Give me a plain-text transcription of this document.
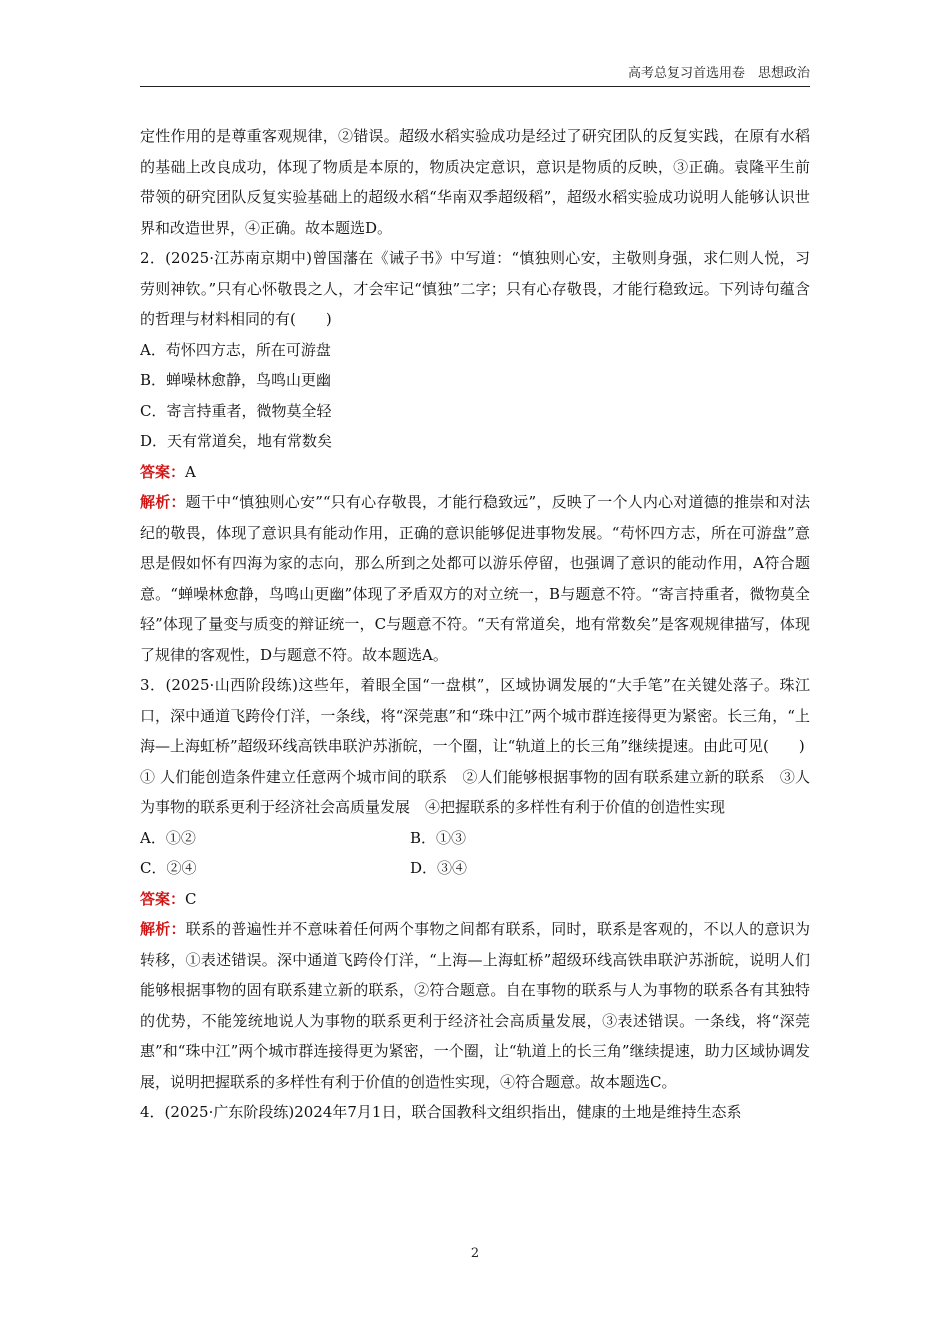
高考总复习首选用卷　思想政治

定性作用的是尊重客观规律，②错误。超级水稻实验成功是经过了研究团队的反复实践，在原有水稻的基础上改良成功，体现了物质是本原的，物质决定意识，意识是物质的反映，③正确。袁隆平生前带领的研究团队反复实验基础上的超级水稻“华南双季超级稻”，超级水稻实验成功说明人能够认识世界和改造世界，④正确。故本题选D。

2．(2025·江苏南京期中)曾国藩在《诫子书》中写道：“慎独则心安，主敬则身强，求仁则人悦，习劳则神钦。”只有心怀敬畏之人，才会牢记“慎独”二字；只有心存敬畏，才能行稳致远。下列诗句蕴含的哲理与材料相同的有(　　)

A．苟怀四方志，所在可游盘

B．蝉噪林愈静，鸟鸣山更幽

C．寄言持重者，微物莫全轻

D．天有常道矣，地有常数矣

答案：A

解析：题干中“慎独则心安”“只有心存敬畏，才能行稳致远”，反映了一个人内心对道德的推崇和对法纪的敬畏，体现了意识具有能动作用，正确的意识能够促进事物发展。“苟怀四方志，所在可游盘”意思是假如怀有四海为家的志向，那么所到之处都可以游乐停留，也强调了意识的能动作用，A符合题意。“蝉噪林愈静，鸟鸣山更幽”体现了矛盾双方的对立统一，B与题意不符。“寄言持重者，微物莫全轻”体现了量变与质变的辩证统一，C与题意不符。“天有常道矣，地有常数矣”是客观规律描写，体现了规律的客观性，D与题意不符。故本题选A。

3．(2025·山西阶段练)这些年，着眼全国“一盘棋”，区域协调发展的“大手笔”在关键处落子。珠江口，深中通道飞跨伶仃洋，一条线，将“深莞惠”和“珠中江”两个城市群连接得更为紧密。长三角，“上海—上海虹桥”超级环线高铁串联沪苏浙皖，一个圈，让“轨道上的长三角”继续提速。由此可见(　　)

① 人们能创造条件建立任意两个城市间的联系　②人们能够根据事物的固有联系建立新的联系　③人为事物的联系更利于经济社会高质量发展　④把握联系的多样性有利于价值的创造性实现

A．①②	B．①③
C．②④	D．③④

答案：C

解析：联系的普遍性并不意味着任何两个事物之间都有联系，同时，联系是客观的，不以人的意识为转移，①表述错误。深中通道飞跨伶仃洋，“上海—上海虹桥”超级环线高铁串联沪苏浙皖，说明人们能够根据事物的固有联系建立新的联系，②符合题意。自在事物的联系与人为事物的联系各有其独特的优势，不能笼统地说人为事物的联系更利于经济社会高质量发展，③表述错误。一条线，将“深莞惠”和“珠中江”两个城市群连接得更为紧密，一个圈，让“轨道上的长三角”继续提速，助力区域协调发展，说明把握联系的多样性有利于价值的创造性实现，④符合题意。故本题选C。

4．(2025·广东阶段练)2024年7月1日，联合国教科文组织指出，健康的土地是维持生态系

2
